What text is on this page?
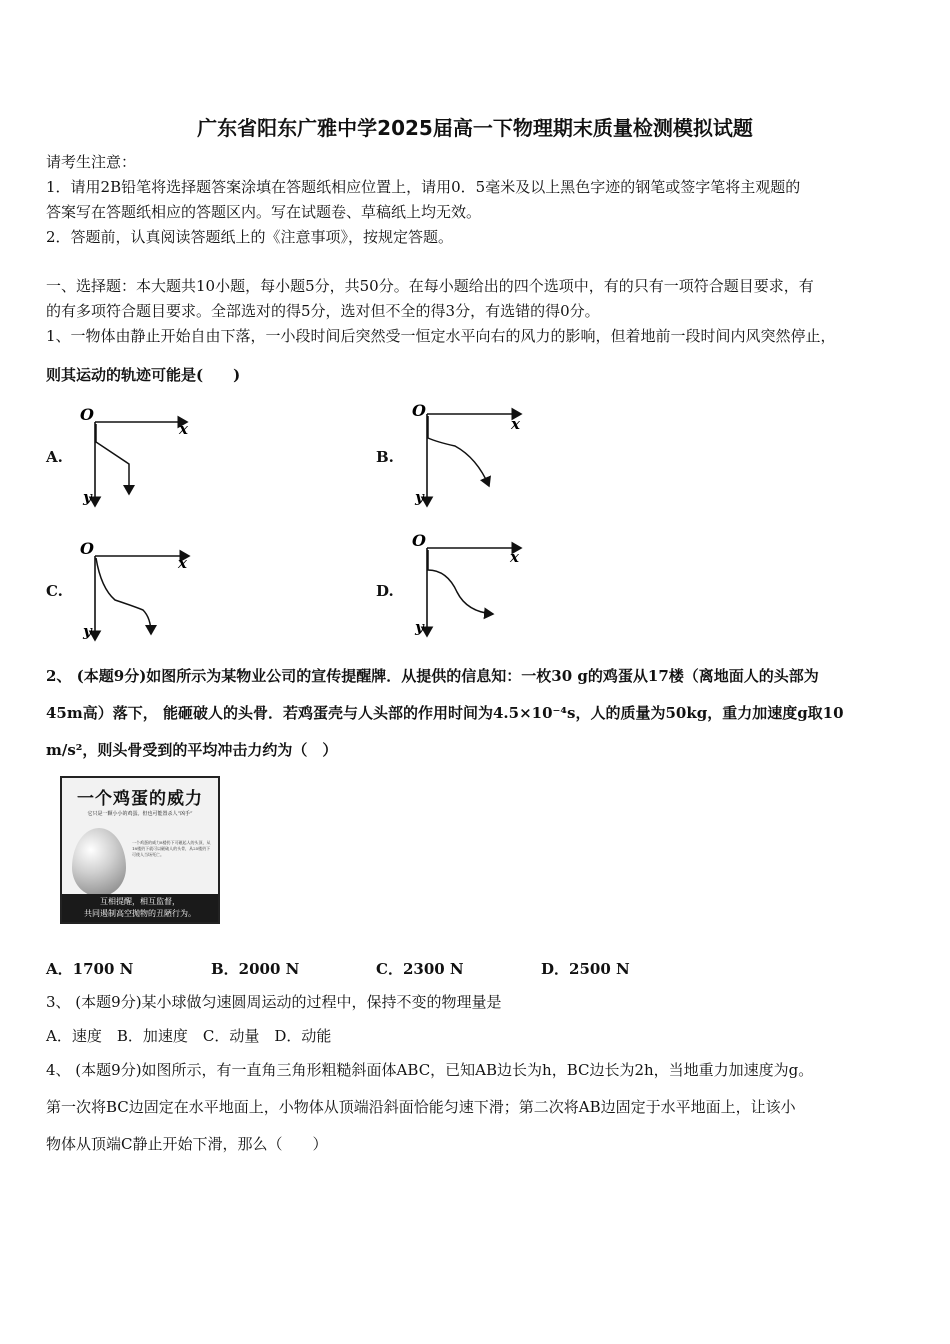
广东省阳东广雅中学2025届高一下物理期末质量检测模拟试题
请考生注意：
1．请用2B铅笔将选择题答案涂填在答题纸相应位置上，请用0．5毫米及以上黑色字迹的钢笔或签字笔将主观题的
答案写在答题纸相应的答题区内。写在试题卷、草稿纸上均无效。
2．答题前，认真阅读答题纸上的《注意事项》，按规定答题。
一、选择题：本大题共10小题，每小题5分，共50分。在每小题给出的四个选项中，有的只有一项符合题目要求，有
的有多项符合题目要求。全部选对的得5分，选对但不全的得3分，有选错的得0分。
1、一物体由静止开始自由下落，一小段时间后突然受一恒定水平向右的风力的影响，但着地前一段时间内风突然停止，
则其运动的轨迹可能是(　　)
A.	B.
C.	D.
O
x
y
O
x
y
O
x
y
O
x
y
2、 (本题9分)如图所示为某物业公司的宣传提醒牌．从提供的信息知：一枚30 g的鸡蛋从17楼（离地面人的头部为
45m高）落下， 能砸破人的头骨．若鸡蛋壳与人头部的作用时间为4.5×10⁻⁴s，人的质量为50kg，重力加速度g取10
m/s²，则头骨受到的平均冲击力约为（　）
一个鸡蛋的威力
它只是一颗小小的鸡蛋。但也可能置杀人“凶手”
一个鸡蛋的威力8楼扔下可砸起人的头顶，从18楼扔下就可以砸破人的头骨，从25楼扔下可使人当场死亡。
互相提醒，相互监督，
共同遏制高空抛物的丑陋行为。
A．1700 N	B．2000 N	C．2300 N	D．2500 N
3、 (本题9分)某小球做匀速圆周运动的过程中，保持不变的物理量是
A．速度　B．加速度　C．动量　D．动能
4、 (本题9分)如图所示，有一直角三角形粗糙斜面体ABC，已知AB边长为h，BC边长为2h，当地重力加速度为g。
第一次将BC边固定在水平地面上，小物体从顶端沿斜面恰能匀速下滑；第二次将AB边固定于水平地面上，让该小
物体从顶端C静止开始下滑，那么（　　）
